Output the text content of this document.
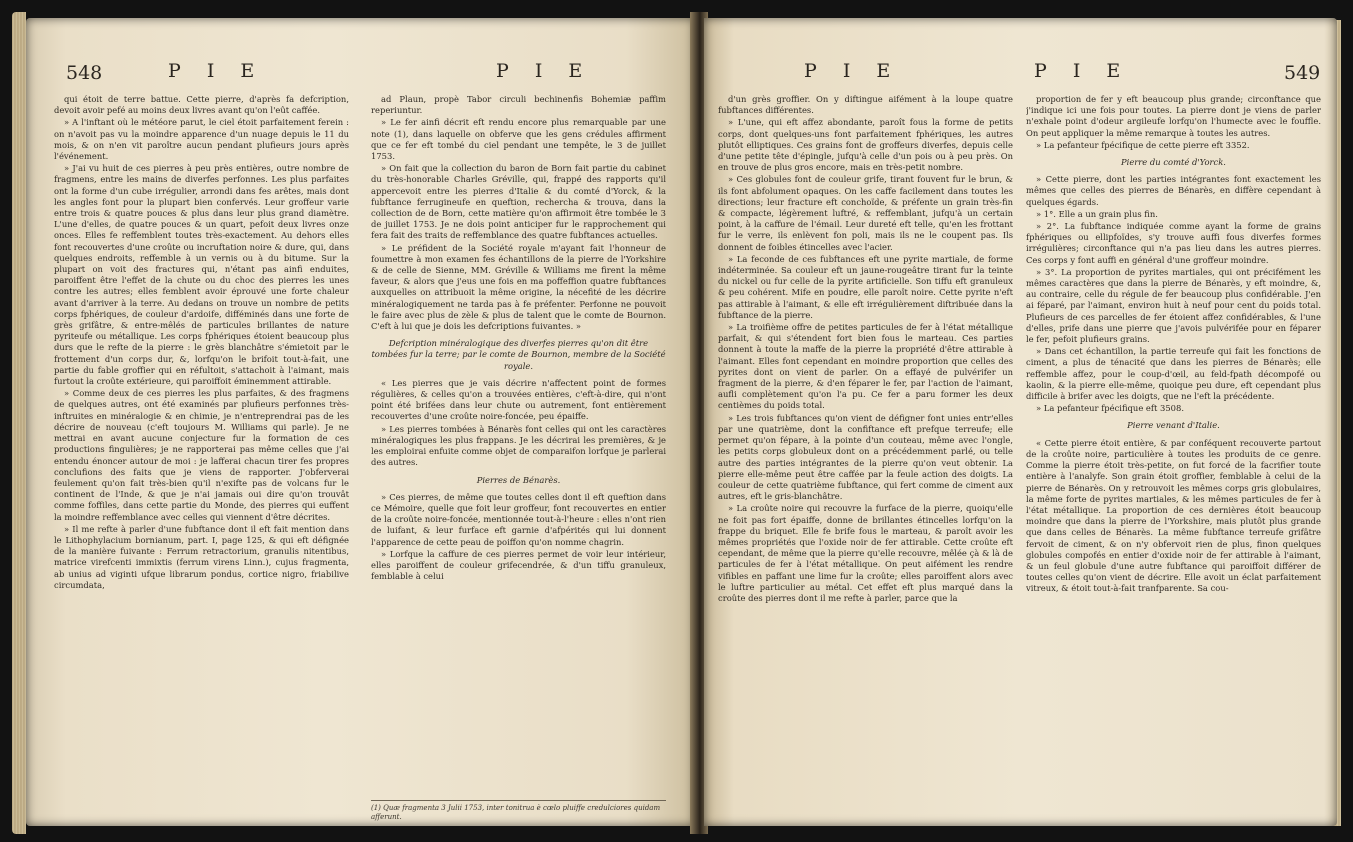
548	P I E	P I E

qui étoit de terre battue. Cette pierre, d'après fa defcription, devoit avoir pefé au moins deux livres avant qu'on l'eût caffée.

» A l'inftant où le météore parut, le ciel étoit parfaitement ferein : on n'avoit pas vu la moindre apparence d'un nuage depuis le 11 du mois, & on n'en vit paroître aucun pendant plufieurs jours après l'événement.

» J'ai vu huit de ces pierres à peu près entières, outre nombre de fragmens, entre les mains de diverfes perfonnes. Les plus parfaites ont la forme d'un cube irrégulier, arrondi dans fes arêtes, mais dont les angles font pour la plupart bien confervés. Leur groffeur varie entre trois & quatre pouces & plus dans leur plus grand diamètre. L'une d'elles, de quatre pouces & un quart, pefoit deux livres onze onces. Elles fe reffemblent toutes très-exactement. Au dehors elles font recouvertes d'une croûte ou incruftation noire & dure, qui, dans quelques endroits, reffemble à un vernis ou à du bitume. Sur la plupart on voit des fractures qui, n'étant pas ainfi enduites, paroiffent être l'effet de la chute ou du choc des pierres les unes contre les autres; elles femblent avoir éprouvé une forte chaleur avant d'arriver à la terre. Au dedans on trouve un nombre de petits corps fphériques, de couleur d'ardoife, difféminés dans une forte de grès grifâtre, & entre-mêlés de particules brillantes de nature pyriteufe ou métallique. Les corps fphériques étoient beaucoup plus durs que le refte de la pierre : le grès blanchâtre s'émietoit par le frottement d'un corps dur, &, lorfqu'on le brifoit tout-à-fait, une partie du fable groffier qui en réfultoit, s'attachoit à l'aimant, mais furtout la croûte extérieure, qui paroiffoit éminemment attirable.

» Comme deux de ces pierres les plus parfaites, & des fragmens de quelques autres, ont été examinés par plufieurs perfonnes très-inftruites en minéralogie & en chimie, je n'entreprendrai pas de les décrire de nouveau (c'eft toujours M. Williams qui parle). Je ne mettrai en avant aucune conjecture fur la formation de ces productions fingulières; je ne rapporterai pas même celles que j'ai entendu énoncer autour de moi : je lafferai chacun tirer fes propres conclufions des faits que je viens de rapporter. J'obferverai feulement qu'on fait très-bien qu'il n'exifte pas de volcans fur le continent de l'Inde, & que je n'ai jamais oui dire qu'on trouvât comme foffiles, dans cette partie du Monde, des pierres qui euffent la moindre reffemblance avec celles qui viennent d'être décrites.

» Il me refte à parler d'une fubftance dont il eft fait mention dans le Lithophylacium bornianum, part. I, page 125, & qui eft défignée de la manière fuivante : Ferrum retractorium, granulis nitentibus, matrice virefcenti immixtis (ferrum virens Linn.), cujus fragmenta, ab unius ad viginti ufque librarum pondus, cortice nigro, friabilive circumdata,

ad Plaun, propè Tabor circuli bechinenfis Bohemiæ paffim reperiuntur.

» Le fer ainfi décrit eft rendu encore plus remarquable par une note (1), dans laquelle on obferve que les gens crédules affirment que ce fer eft tombé du ciel pendant une tempête, le 3 de juillet 1753.

» On fait que la collection du baron de Born fait partie du cabinet du très-honorable Charles Gréville, qui, frappé des rapports qu'il appercevoit entre les pierres d'Italie & du comté d'Yorck, & la fubftance ferrugineufe en queftion, rechercha & trouva, dans la collection de de Born, cette matière qu'on affirmoit être tombée le 3 de juillet 1753. Je ne dois point anticiper fur le rapprochement qui fera fait des traits de reffemblance des quatre fubftances actuelles.

» Le préfident de la Société royale m'ayant fait l'honneur de foumettre à mon examen fes échantillons de la pierre de l'Yorkshire & de celle de Sienne, MM. Gréville & Williams me firent la même faveur, & alors que j'eus une fois en ma poffeffion quatre fubftances auxquelles on attribuoit la même origine, la nécefité de les décrire minéralogiquement ne tarda pas à fe préfenter. Perfonne ne pouvoit le faire avec plus de zèle & plus de talent que le comte de Bournon. C'eft à lui que je dois les defcriptions fuivantes. »

Defcription minéralogique des diverfes pierres qu'on dit être tombées fur la terre; par le comte de Bournon, membre de la Société royale.

« Les pierres que je vais décrire n'affectent point de formes régulières, & celles qu'on a trouvées entières, c'eft-à-dire, qui n'ont point été brifées dans leur chute ou autrement, font entièrement recouvertes d'une croûte noire-foncée, peu épaiffe.

» Les pierres tombées à Bénarès font celles qui ont les caractères minéralogiques les plus frappans. Je les décrirai les premières, & je les emploirai enfuite comme objet de comparaifon lorfque je parlerai des autres.

Pierres de Bénarès.

» Ces pierres, de même que toutes celles dont il eft queftion dans ce Mémoire, quelle que foit leur groffeur, font recouvertes en entier de la croûte noire-foncée, mentionnée tout-à-l'heure : elles n'ont rien de luifant, & leur furface eft garnie d'afpérités qui lui donnent l'apparence de cette peau de poiffon qu'on nomme chagrin.

» Lorfque la caffure de ces pierres permet de voir leur intérieur, elles paroiffent de couleur grifecendrée, & d'un tiffu granuleux, femblable à celui

(1) Quæ fragmenta 3 Julii 1753, inter tonitrua è cœlo pluiffe credulciores quidam afferunt.
P I E	P I E	549

d'un grès groffier. On y diftingue aifément à la loupe quatre fubftances différentes.

» L'une, qui eft affez abondante, paroît fous la forme de petits corps, dont quelques-uns font parfaitement fphériques, les autres plutôt elliptiques. Ces grains font de groffeurs diverfes, depuis celle d'une petite tête d'épingle, jufqu'à celle d'un pois ou à peu près. On en trouve de plus gros encore, mais en très-petit nombre.

» Ces globules font de couleur grife, tirant fouvent fur le brun, & ils font abfolument opaques. On les caffe facilement dans toutes les directions; leur fracture eft conchoïde, & préfente un grain très-fin & compacte, légèrement luftré, & reffemblant, jufqu'à un certain point, à la caffure de l'émail. Leur dureté eft telle, qu'en les frottant fur le verre, ils enlèvent fon poli, mais ils ne le coupent pas. Ils donnent de foibles étincelles avec l'acier.

» La feconde de ces fubftances eft une pyrite martiale, de forme indéterminée. Sa couleur eft un jaune-rougeâtre tirant fur la teinte du nickel ou fur celle de la pyrite artificielle. Son tiffu eft granuleux & peu cohérent. Mife en poudre, elle paroît noire. Cette pyrite n'eft pas attirable à l'aimant, & elle eft irrégulièrement diftribuée dans la fubftance de la pierre.

» La troifième offre de petites particules de fer à l'état métallique parfait, & qui s'étendent fort bien fous le marteau. Ces parties donnent à toute la maffe de la pierre la propriété d'être attirable à l'aimant. Elles font cependant en moindre proportion que celles des pyrites dont on vient de parler. On a effayé de pulvérifer un fragment de la pierre, & d'en féparer le fer, par l'action de l'aimant, aufli complètement qu'on l'a pu. Ce fer a paru former les deux centièmes du poids total.

» Les trois fubftances qu'on vient de défigner font unies entr'elles par une quatrième, dont la confiftance eft prefque terreufe; elle permet qu'on fépare, à la pointe d'un couteau, même avec l'ongle, les petits corps globuleux dont on a précédemment parlé, ou telle autre des parties intégrantes de la pierre qu'on veut obtenir. La pierre elle-même peut être caffée par la feule action des doigts. La couleur de cette quatrième fubftance, qui fert comme de ciment aux autres, eft le gris-blanchâtre.

» La croûte noire qui recouvre la furface de la pierre, quoiqu'elle ne foit pas fort épaiffe, donne de brillantes étincelles lorfqu'on la frappe du briquet. Elle fe brife fous le marteau, & paroît avoir les mêmes propriétés que l'oxide noir de fer attirable. Cette croûte eft cependant, de même que la pierre qu'elle recouvre, mêlée çà & là de particules de fer à l'état métallique. On peut aifément les rendre vifibles en paffant une lime fur la croûte; elles paroiffent alors avec le luftre particulier au métal. Cet effet eft plus marqué dans la croûte des pierres dont il me refte à parler, parce que la

proportion de fer y eft beaucoup plus grande; circonftance que j'indique ici une fois pour toutes. La pierre dont je viens de parler n'exhale point d'odeur argileufe lorfqu'on l'humecte avec le fouffle. On peut appliquer la même remarque à toutes les autres.

» La pefanteur fpécifique de cette pierre eft 3352.

Pierre du comté d'Yorck.

» Cette pierre, dont les parties intégrantes font exactement les mêmes que celles des pierres de Bénarès, en diffère cependant à quelques égards.

» 1°. Elle a un grain plus fin.

» 2°. La fubftance indiquée comme ayant la forme de grains fphériques ou ellipfoïdes, s'y trouve auffi fous diverfes formes irrégulières; circonftance qui n'a pas lieu dans les autres pierres. Ces corps y font auffi en général d'une groffeur moindre.

» 3°. La proportion de pyrites martiales, qui ont précifément les mêmes caractères que dans la pierre de Bénarès, y eft moindre, &, au contraire, celle du régule de fer beaucoup plus confidérable. J'en ai féparé, par l'aimant, environ huit à neuf pour cent du poids total. Plufieurs de ces parcelles de fer étoient affez confidérables, & l'une d'elles, prife dans une pierre que j'avois pulvérifée pour en féparer le fer, pefoit plufieurs grains.

» Dans cet échantillon, la partie terreufe qui fait les fonctions de ciment, a plus de ténacité que dans les pierres de Bénarès; elle reffemble affez, pour le coup-d'œil, au feld-fpath décompofé ou kaolin, & la pierre elle-même, quoique peu dure, eft cependant plus difficile à brifer avec les doigts, que ne l'eft la précédente.

» La pefanteur fpécifique eft 3508.

Pierre venant d'Italie.

« Cette pierre étoit entière, & par conféquent recouverte partout de la croûte noire, particulière à toutes les produits de ce genre. Comme la pierre étoit très-petite, on fut forcé de la facrifier toute entière à l'analyfe. Son grain étoit groffier, femblable à celui de la pierre de Bénarès. On y retrouvoit les mêmes corps gris globulaires, la même forte de pyrites martiales, & les mêmes particules de fer à l'état métallique. La proportion de ces dernières étoit beaucoup moindre que dans la pierre de l'Yorkshire, mais plutôt plus grande que dans celles de Bénarès. La même fubftance terreufe grifâtre fervoit de ciment, & on n'y obfervoit rien de plus, finon quelques globules compofés en entier d'oxide noir de fer attirable à l'aimant, & un feul globule d'une autre fubftance qui paroiffoit différer de toutes celles qu'on vient de décrire. Elle avoit un éclat parfaitement vitreux, & étoit tout-à-fait tranfparente. Sa cou-
